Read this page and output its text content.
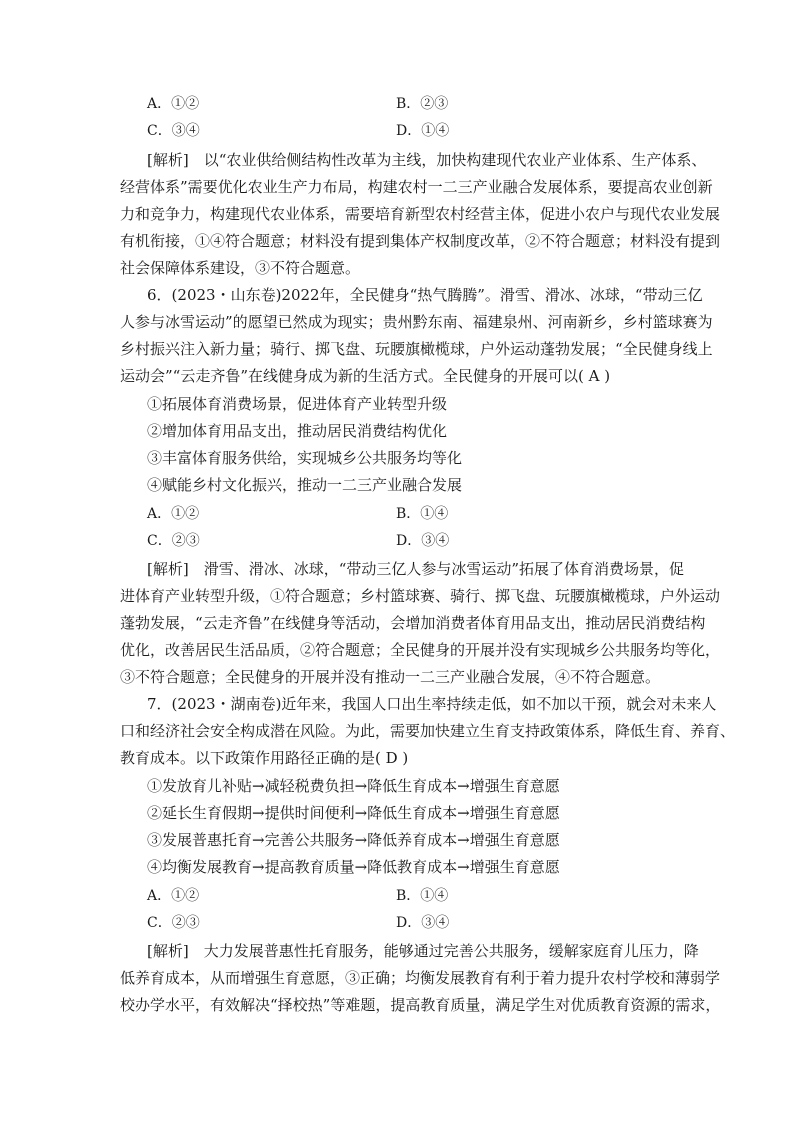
A．①②	B．②③
C．③④	D．①④
[解析]　以“农业供给侧结构性改革为主线，加快构建现代农业产业体系、生产体系、
经营体系”需要优化农业生产力布局，构建农村一二三产业融合发展体系，要提高农业创新
力和竞争力，构建现代农业体系，需要培育新型农村经营主体，促进小农户与现代农业发展
有机衔接，①④符合题意；材料没有提到集体产权制度改革，②不符合题意；材料没有提到
社会保障体系建设，③不符合题意。
6．(2023・山东卷)2022年，全民健身“热气腾腾”。滑雪、滑冰、冰球，“带动三亿
人参与冰雪运动”的愿望已然成为现实；贵州黔东南、福建泉州、河南新乡，乡村篮球赛为
乡村振兴注入新力量；骑行、掷飞盘、玩腰旗橄榄球，户外运动蓬勃发展；“全民健身线上
运动会”“云走齐鲁”在线健身成为新的生活方式。全民健身的开展可以( A )
①拓展体育消费场景，促进体育产业转型升级
②增加体育用品支出，推动居民消费结构优化
③丰富体育服务供给，实现城乡公共服务均等化
④赋能乡村文化振兴，推动一二三产业融合发展
A．①②	B．①④
C．②③	D．③④
[解析]　滑雪、滑冰、冰球，“带动三亿人参与冰雪运动”拓展了体育消费场景，促
进体育产业转型升级，①符合题意；乡村篮球赛、骑行、掷飞盘、玩腰旗橄榄球，户外运动
蓬勃发展，“云走齐鲁”在线健身等活动，会增加消费者体育用品支出，推动居民消费结构
优化，改善居民生活品质，②符合题意；全民健身的开展并没有实现城乡公共服务均等化，
③不符合题意；全民健身的开展并没有推动一二三产业融合发展，④不符合题意。
7．(2023・湖南卷)近年来，我国人口出生率持续走低，如不加以干预，就会对未来人
口和经济社会安全构成潜在风险。为此，需要加快建立生育支持政策体系，降低生育、养育、
教育成本。以下政策作用路径正确的是( D )
①发放育儿补贴→减轻税费负担→降低生育成本→增强生育意愿
②延长生育假期→提供时间便利→降低生育成本→增强生育意愿
③发展普惠托育→完善公共服务→降低养育成本→增强生育意愿
④均衡发展教育→提高教育质量→降低教育成本→增强生育意愿
A．①②	B．①④
C．②③	D．③④
[解析]　大力发展普惠性托育服务，能够通过完善公共服务，缓解家庭育儿压力，降
低养育成本，从而增强生育意愿，③正确；均衡发展教育有利于着力提升农村学校和薄弱学
校办学水平，有效解决“择校热”等难题，提高教育质量，满足学生对优质教育资源的需求，
